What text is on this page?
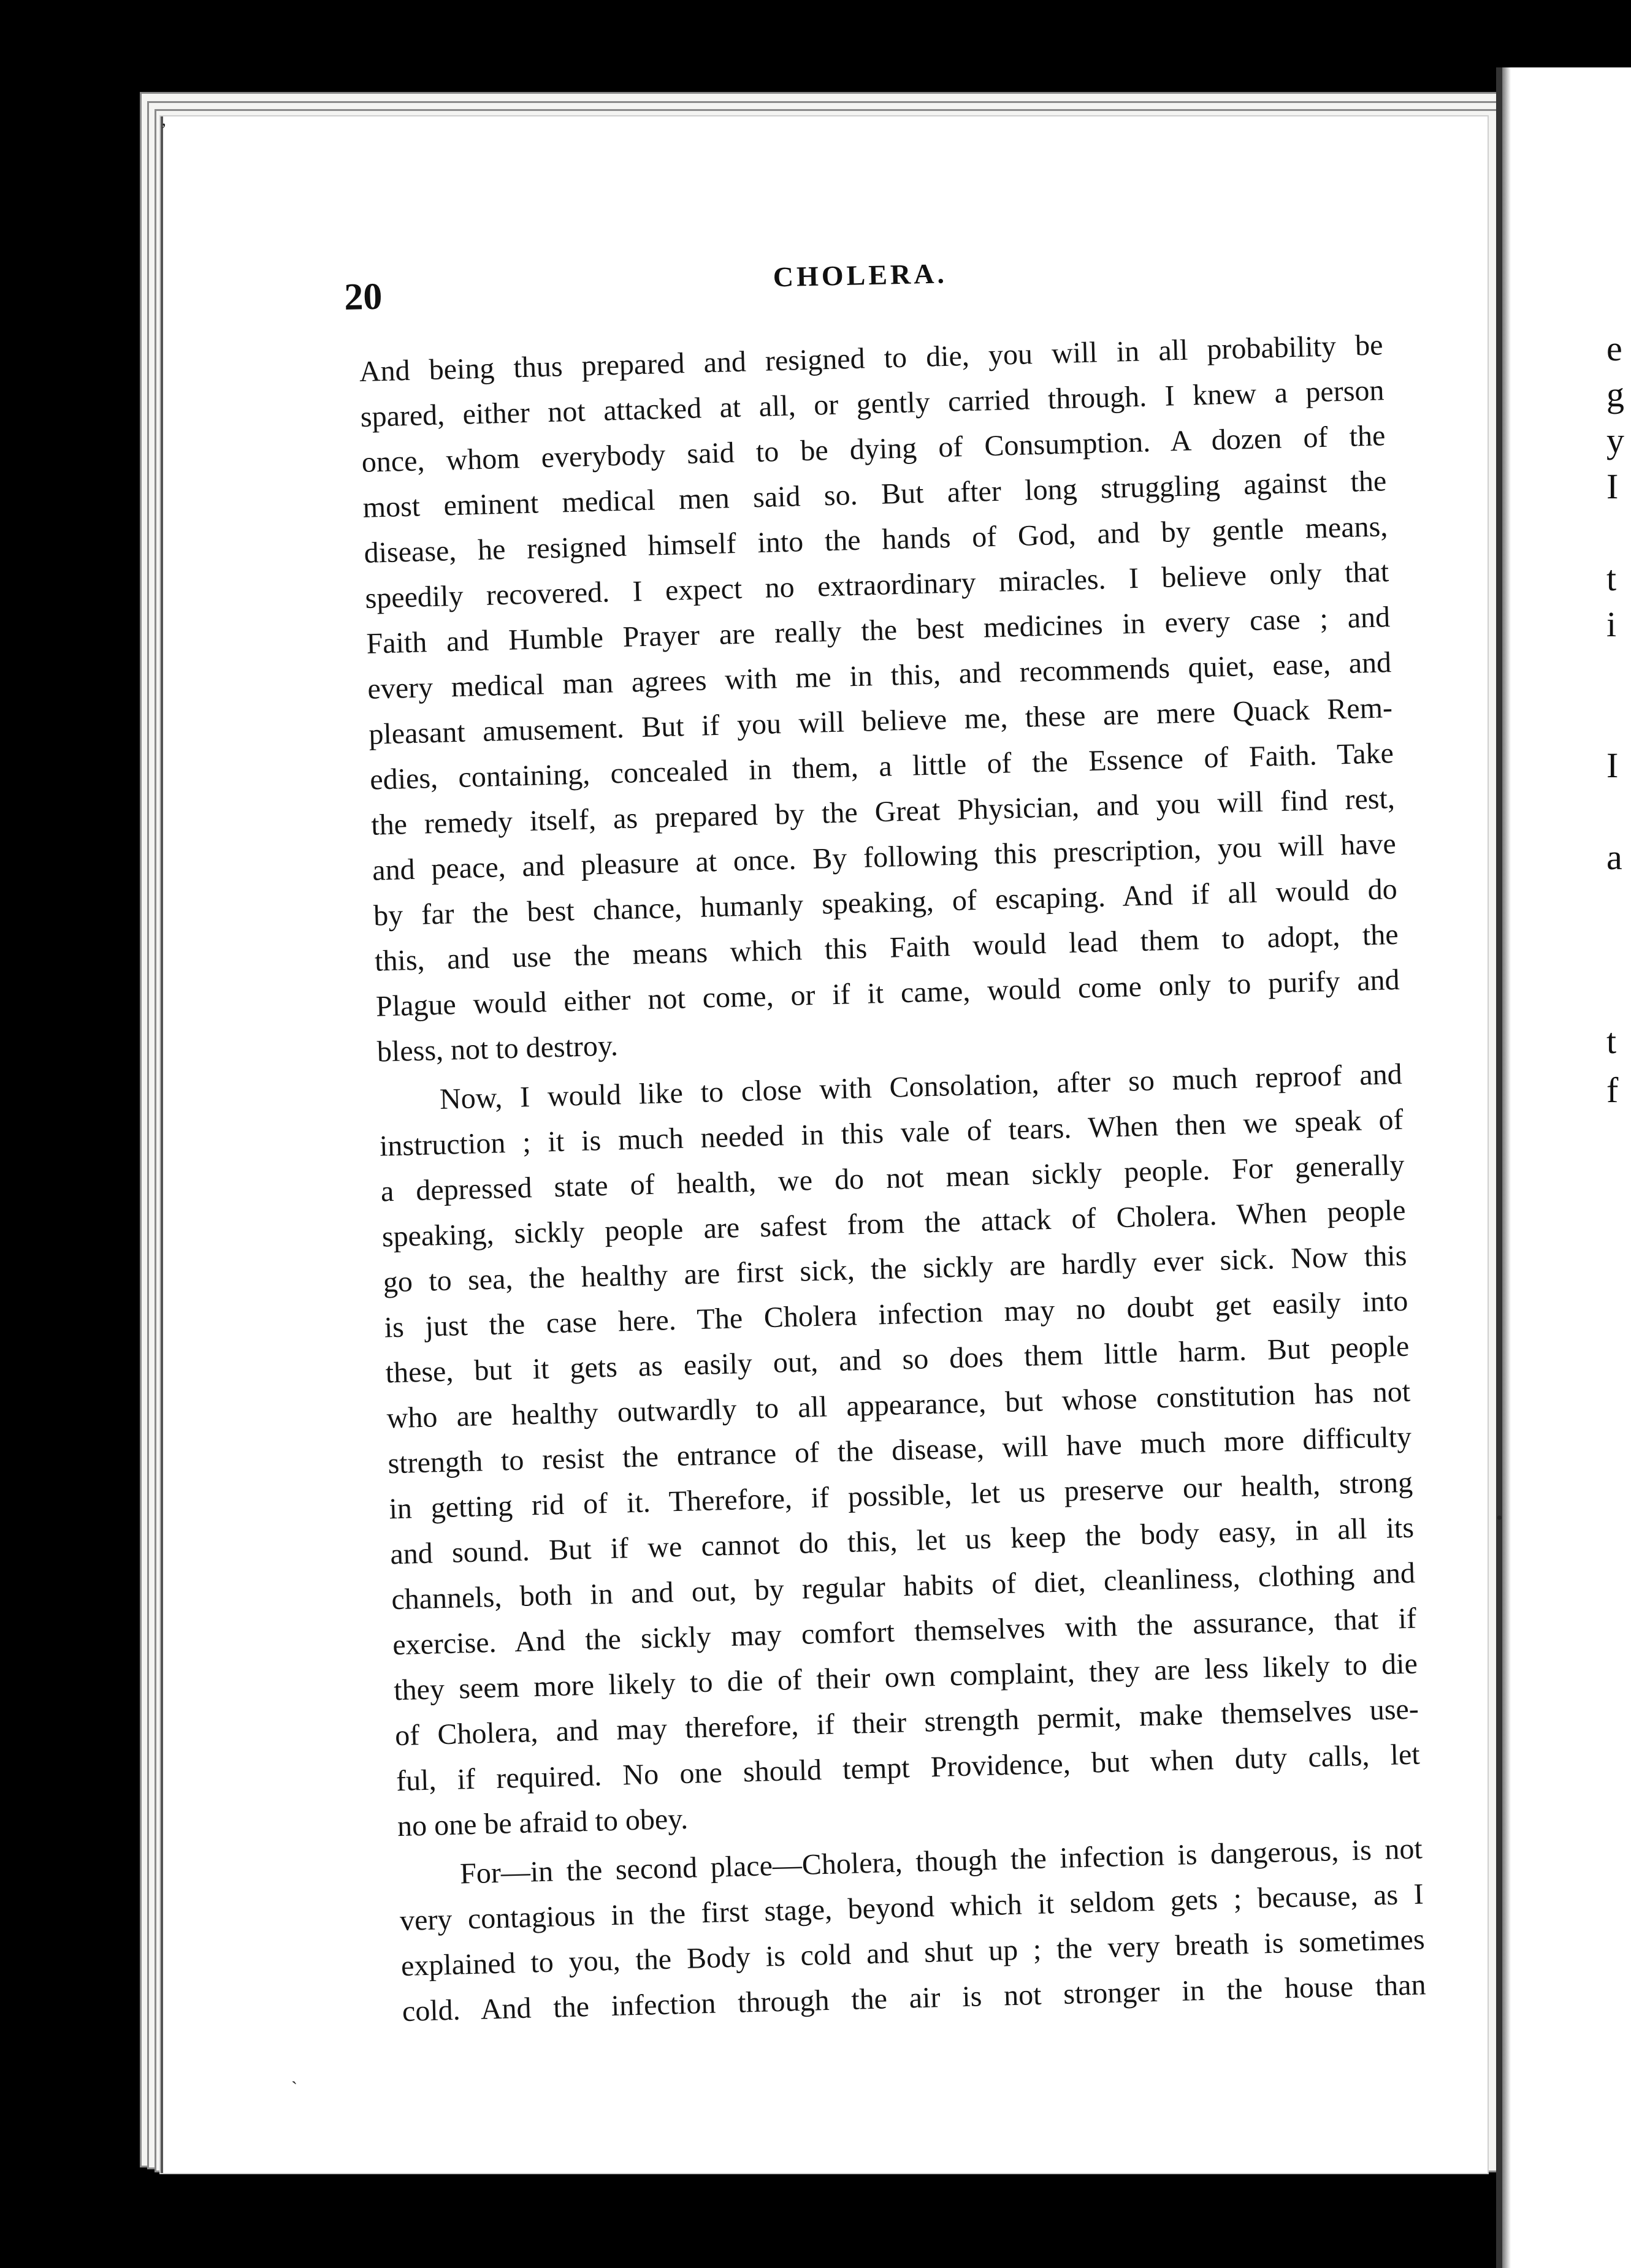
e
g
y
I
t
i
I
a
t
f
’
•
`
20
CHOLERA.
And being thus prepared and resigned to die, you will in all probability be
spared, either not attacked at all, or gently carried through. I knew a person
once, whom everybody said to be dying of Consumption. A dozen of the
most eminent medical men said so. But after long struggling against the
disease, he resigned himself into the hands of God, and by gentle means,
speedily recovered. I expect no extraordinary miracles. I believe only that
Faith and Humble Prayer are really the best medicines in every case ; and
every medical man agrees with me in this, and recommends quiet, ease, and
pleasant amusement. But if you will believe me, these are mere Quack Rem-
edies, containing, concealed in them, a little of the Essence of Faith. Take
the remedy itself, as prepared by the Great Physician, and you will find rest,
and peace, and pleasure at once. By following this prescription, you will have
by far the best chance, humanly speaking, of escaping. And if all would do
this, and use the means which this Faith would lead them to adopt, the
Plague would either not come, or if it came, would come only to purify and
bless, not to destroy.
Now, I would like to close with Consolation, after so much reproof and
instruction ; it is much needed in this vale of tears. When then we speak of
a depressed state of health, we do not mean sickly people. For generally
speaking, sickly people are safest from the attack of Cholera. When people
go to sea, the healthy are first sick, the sickly are hardly ever sick. Now this
is just the case here. The Cholera infection may no doubt get easily into
these, but it gets as easily out, and so does them little harm. But people
who are healthy outwardly to all appearance, but whose constitution has not
strength to resist the entrance of the disease, will have much more difficulty
in getting rid of it. Therefore, if possible, let us preserve our health, strong
and sound. But if we cannot do this, let us keep the body easy, in all its
channels, both in and out, by regular habits of diet, cleanliness, clothing and
exercise. And the sickly may comfort themselves with the assurance, that if
they seem more likely to die of their own complaint, they are less likely to die
of Cholera, and may therefore, if their strength permit, make themselves use-
ful, if required. No one should tempt Providence, but when duty calls, let
no one be afraid to obey.
For—in the second place—Cholera, though the infection is dangerous, is not
very contagious in the first stage, beyond which it seldom gets ; because, as I
explained to you, the Body is cold and shut up ; the very breath is sometimes
cold. And the infection through the air is not stronger in the house than
